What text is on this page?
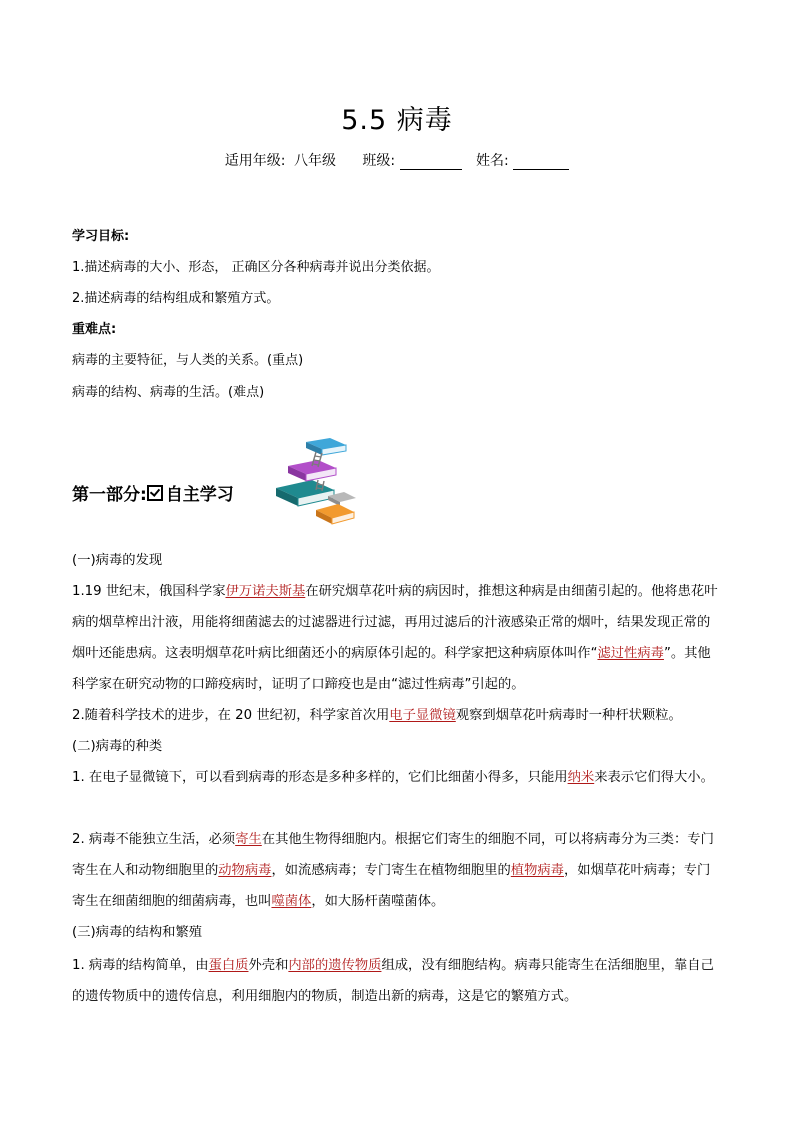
5.5 病毒
适用年级: 八年级 班级:	姓名:
学习目标:
1.描述病毒的大小、形态， 正确区分各种病毒并说出分类依据。
2.描述病毒的结构组成和繁殖方式。
重难点:
病毒的主要特征，与人类的关系。(重点)
病毒的结构、病毒的生活。(难点)
第一部分: 自主学习
(一)病毒的发现
1.19 世纪末，俄国科学家伊万诺夫斯基在研究烟草花叶病的病因时，推想这种病是由细菌引起的。他将患花叶病的烟草榨出汁液，用能将细菌滤去的过滤器进行过滤，再用过滤后的汁液感染正常的烟叶，结果发现正常的烟叶还能患病。这表明烟草花叶病比细菌还小的病原体引起的。科学家把这种病原体叫作“滤过性病毒”。其他科学家在研究动物的口蹄疫病时，证明了口蹄疫也是由“滤过性病毒”引起的。
2.随着科学技术的进步，在 20 世纪初，科学家首次用电子显微镜观察到烟草花叶病毒时一种杆状颗粒。
(二)病毒的种类
1. 在电子显微镜下，可以看到病毒的形态是多种多样的，它们比细菌小得多，只能用纳米来表示它们得大小。
2. 病毒不能独立生活，必须寄生在其他生物得细胞内。根据它们寄生的细胞不同，可以将病毒分为三类：专门寄生在人和动物细胞里的动物病毒，如流感病毒；专门寄生在植物细胞里的植物病毒，如烟草花叶病毒；专门寄生在细菌细胞的细菌病毒，也叫噬菌体，如大肠杆菌噬菌体。
(三)病毒的结构和繁殖
1. 病毒的结构简单，由蛋白质外壳和内部的遗传物质组成，没有细胞结构。病毒只能寄生在活细胞里，靠自己的遗传物质中的遗传信息，利用细胞内的物质，制造出新的病毒，这是它的繁殖方式。
